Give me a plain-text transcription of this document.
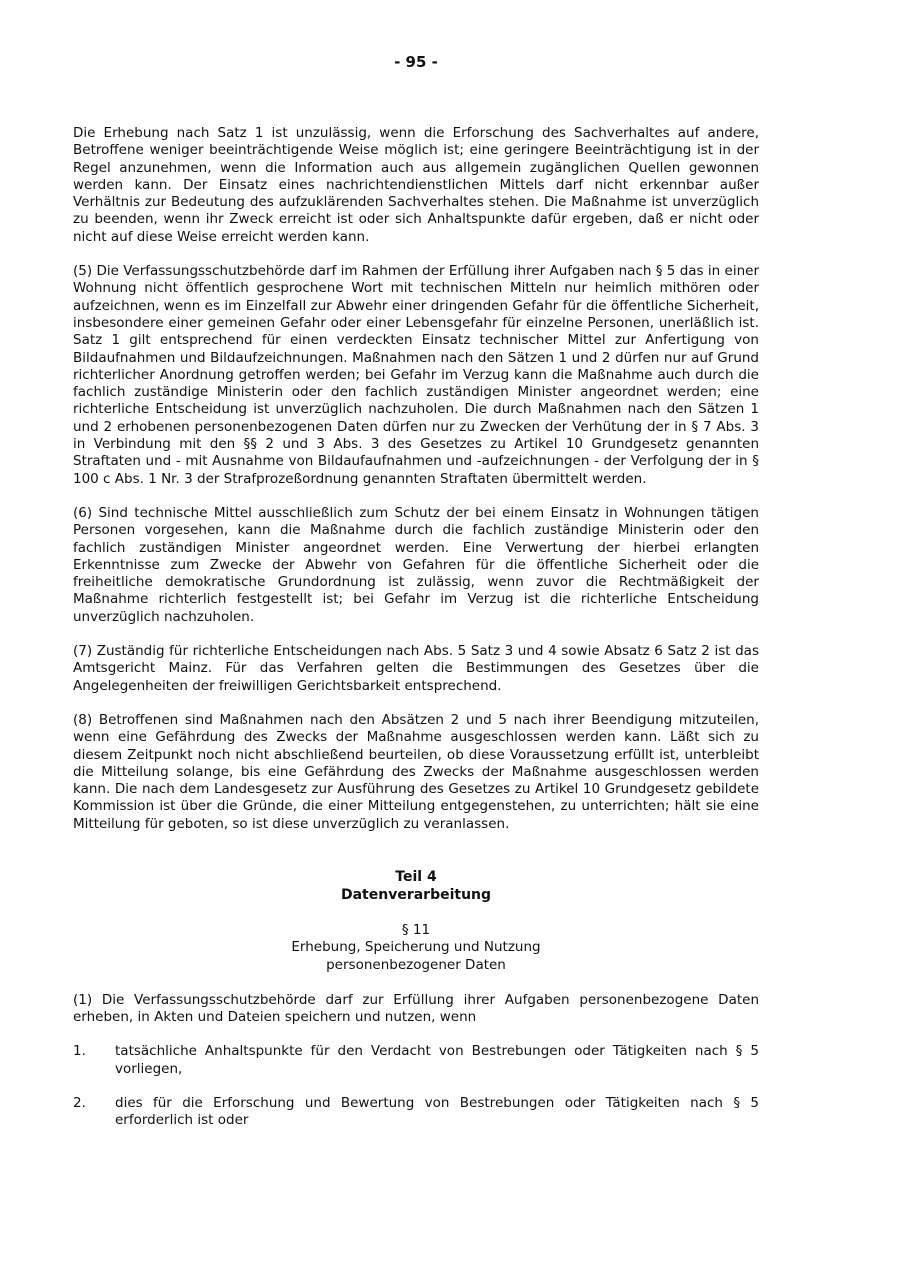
- 95 -

Die Erhebung nach Satz 1 ist unzulässig, wenn die Erforschung des Sachverhaltes auf andere, Betroffene weniger beeinträchtigende Weise möglich ist; eine geringere Beeinträchtigung ist in der Regel anzunehmen, wenn die Information auch aus allgemein zugänglichen Quellen gewonnen werden kann. Der Einsatz eines nachrichtendienstlichen Mittels darf nicht erkennbar außer Verhältnis zur Bedeutung des aufzuklärenden Sachverhaltes stehen. Die Maßnahme ist unverzüglich zu beenden, wenn ihr Zweck erreicht ist oder sich Anhaltspunkte dafür ergeben, daß er nicht oder nicht auf diese Weise erreicht werden kann.

(5) Die Verfassungsschutzbehörde darf im Rahmen der Erfüllung ihrer Aufgaben nach § 5 das in einer Wohnung nicht öffentlich gesprochene Wort mit technischen Mitteln nur heimlich mithören oder aufzeichnen, wenn es im Einzelfall zur Abwehr einer dringenden Gefahr für die öffentliche Sicherheit, insbesondere einer gemeinen Gefahr oder einer Lebensgefahr für einzelne Personen, unerläßlich ist. Satz 1 gilt entsprechend für einen verdeckten Einsatz technischer Mittel zur Anfertigung von Bildaufnahmen und Bildaufzeichnungen. Maßnahmen nach den Sätzen 1 und 2 dürfen nur auf Grund richterlicher Anordnung getroffen werden; bei Gefahr im Verzug kann die Maßnahme auch durch die fachlich zuständige Ministerin oder den fachlich zuständigen Minister angeordnet werden; eine richterliche Entscheidung ist unverzüglich nachzuholen. Die durch Maßnahmen nach den Sätzen 1 und 2 erhobenen personenbezogenen Daten dürfen nur zu Zwecken der Verhütung der in § 7 Abs. 3 in Verbindung mit den §§ 2 und 3 Abs. 3 des Gesetzes zu Artikel 10 Grundgesetz genannten Straftaten und - mit Ausnahme von Bildaufaufnahmen und -aufzeichnungen - der Verfolgung der in § 100 c Abs. 1 Nr. 3 der Strafprozeßordnung genannten Straftaten übermittelt werden.

(6) Sind technische Mittel ausschließlich zum Schutz der bei einem Einsatz in Wohnungen tätigen Personen vorgesehen, kann die Maßnahme durch die fachlich zuständige Ministerin oder den fachlich zuständigen Minister angeordnet werden. Eine Verwertung der hierbei erlangten Erkenntnisse zum Zwecke der Abwehr von Gefahren für die öffentliche Sicherheit oder die freiheitliche demokratische Grundordnung ist zulässig, wenn zuvor die Rechtmäßigkeit der Maßnahme richterlich festgestellt ist; bei Gefahr im Verzug ist die richterliche Entscheidung unverzüglich nachzuholen.

(7) Zuständig für richterliche Entscheidungen nach Abs. 5 Satz 3 und 4 sowie Absatz 6 Satz 2 ist das Amtsgericht Mainz. Für das Verfahren gelten die Bestimmungen des Gesetzes über die Angelegenheiten der freiwilligen Gerichtsbarkeit entsprechend.

(8) Betroffenen sind Maßnahmen nach den Absätzen 2 und 5 nach ihrer Beendigung mitzuteilen, wenn eine Gefährdung des Zwecks der Maßnahme ausgeschlossen werden kann. Läßt sich zu diesem Zeitpunkt noch nicht abschließend beurteilen, ob diese Voraussetzung erfüllt ist, unterbleibt die Mitteilung solange, bis eine Gefährdung des Zwecks der Maßnahme ausgeschlossen werden kann. Die nach dem Landesgesetz zur Ausführung des Gesetzes zu Artikel 10 Grundgesetz gebildete Kommission ist über die Gründe, die einer Mitteilung entgegenstehen, zu unterrichten; hält sie eine Mitteilung für geboten, so ist diese unverzüglich zu veranlassen.

Teil 4
Datenverarbeitung
§ 11
Erhebung, Speicherung und Nutzung
personenbezogener Daten

(1) Die Verfassungsschutzbehörde darf zur Erfüllung ihrer Aufgaben personenbezogene Daten erheben, in Akten und Dateien speichern und nutzen, wenn

1.	tatsächliche Anhaltspunkte für den Verdacht von Bestrebungen oder Tätigkeiten nach § 5 vorliegen,
2.	dies für die Erforschung und Bewertung von Bestrebungen oder Tätigkeiten nach § 5 erforderlich ist oder
